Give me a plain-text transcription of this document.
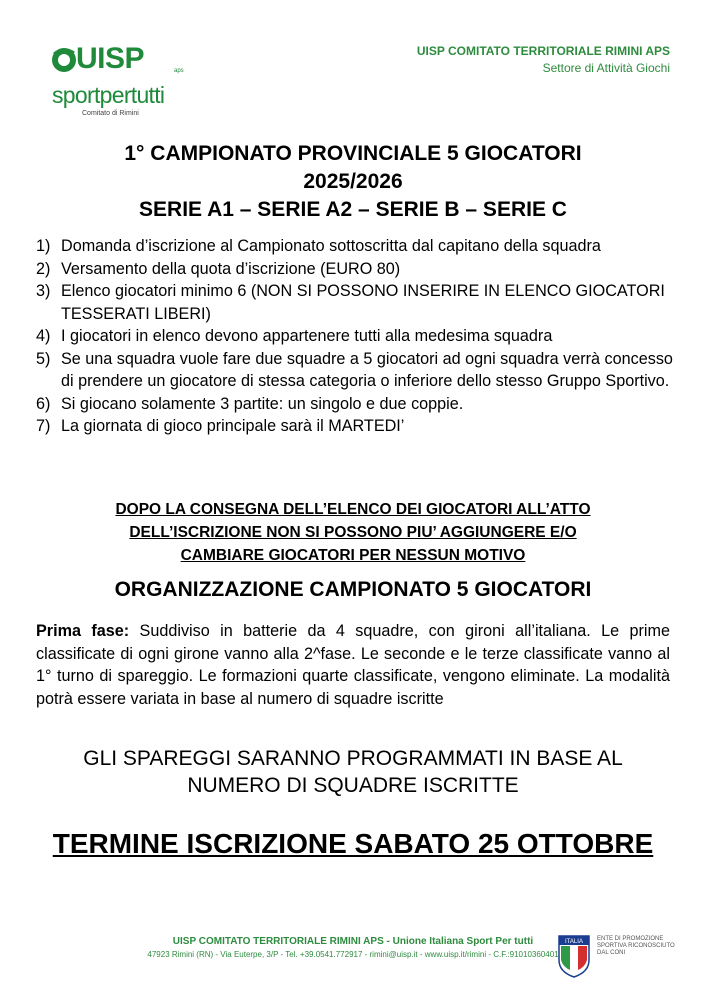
UISP	aps
sportpertutti
Comitato di Rimini
UISP COMITATO TERRITORIALE RIMINI APS
Settore di Attività Giochi
1° CAMPIONATO PROVINCIALE 5 GIOCATORI
2025/2026
SERIE A1 – SERIE A2 – SERIE B – SERIE C
1) Domanda d’iscrizione al Campionato sottoscritta dal capitano della squadra
2) Versamento della quota d’iscrizione (EURO 80)
3) Elenco giocatori minimo 6 (NON SI POSSONO INSERIRE IN ELENCO GIOCATORI TESSERATI LIBERI)
4) I giocatori in elenco devono appartenere tutti alla medesima squadra
5) Se una squadra vuole fare due squadre a 5 giocatori ad ogni squadra verrà concesso di prendere un giocatore di stessa categoria o inferiore dello stesso Gruppo Sportivo.
6) Si giocano solamente 3 partite: un singolo e due coppie.
7) La giornata di gioco principale sarà il MARTEDI’
DOPO LA CONSEGNA DELL’ELENCO DEI GIOCATORI ALL’ATTO
DELL’ISCRIZIONE NON SI POSSONO PIU’ AGGIUNGERE E/O
CAMBIARE GIOCATORI PER NESSUN MOTIVO
ORGANIZZAZIONE CAMPIONATO 5 GIOCATORI
Prima fase: Suddiviso in batterie da 4 squadre, con gironi all’italiana. Le prime classificate di ogni girone vanno alla 2^fase. Le seconde e le terze classificate vanno al 1° turno di spareggio. Le formazioni quarte classificate, vengono eliminate. La modalità potrà essere variata in base al numero di squadre iscritte
GLI SPAREGGI SARANNO PROGRAMMATI IN BASE AL
NUMERO DI SQUADRE ISCRITTE
TERMINE ISCRIZIONE SABATO 25 OTTOBRE
UISP COMITATO TERRITORIALE RIMINI APS - Unione Italiana Sport Per tutti
47923 Rimini (RN) - Via Euterpe, 3/P - Tel. +39.0541.772917 - rimini@uisp.it - www.uisp.it/rimini - C.F.:91010360401
ITALIA ENTE DI PROMOZIONE SPORTIVA RICONOSCIUTO DAL CONI
